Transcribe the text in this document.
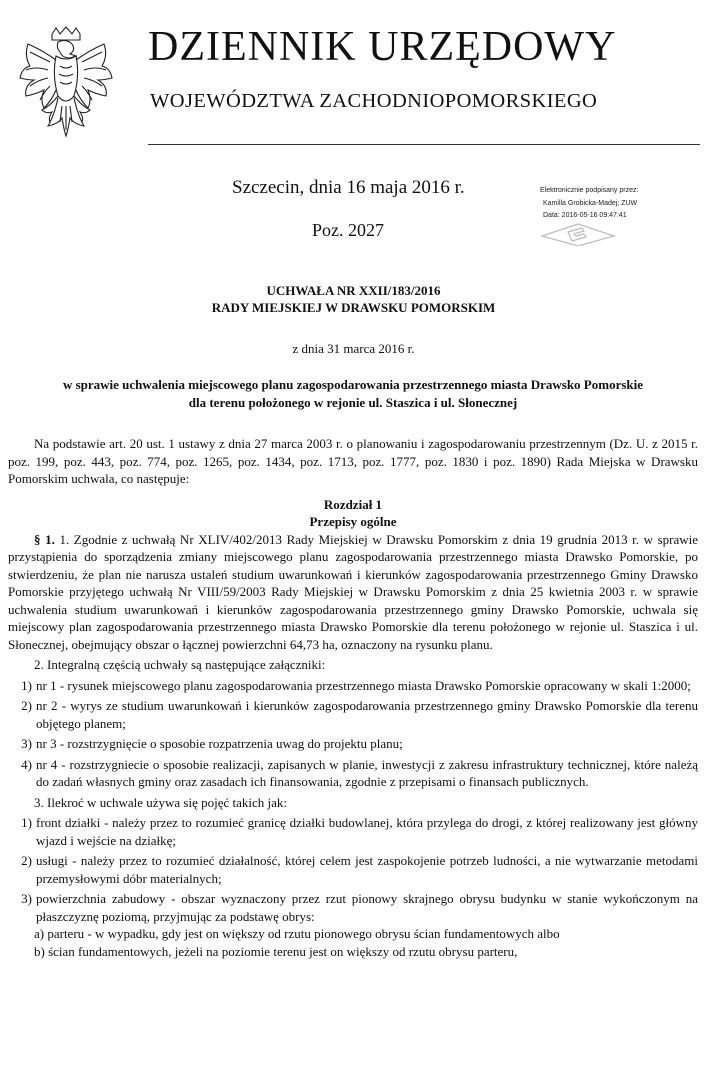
DZIENNIK URZĘDOWY
WOJEWÓDZTWA ZACHODNIOPOMORSKIEGO
Szczecin, dnia 16 maja 2016 r.
Poz. 2027
Elektronicznie podpisany przez:
Kamilla Grobicka-Madej; ZUW
Data: 2016-05-16 09:47:41
UCHWAŁA NR XXII/183/2016
RADY MIEJSKIEJ W DRAWSKU POMORSKIM
z dnia 31 marca 2016 r.
w sprawie uchwalenia miejscowego planu zagospodarowania przestrzennego miasta Drawsko Pomorskie
dla terenu położonego w rejonie ul. Staszica i ul. Słonecznej

Na podstawie art. 20 ust. 1 ustawy z dnia 27 marca 2003 r. o planowaniu i zagospodarowaniu przestrzennym (Dz. U. z 2015 r. poz. 199, poz. 443, poz. 774, poz. 1265, poz. 1434, poz. 1713, poz. 1777, poz. 1830 i poz. 1890) Rada Miejska w Drawsku Pomorskim uchwala, co następuje:

Rozdział 1

Przepisy ogólne

§ 1. 1. Zgodnie z uchwałą Nr XLIV/402/2013 Rady Miejskiej w Drawsku Pomorskim z dnia 19 grudnia 2013 r. w sprawie przystąpienia do sporządzenia zmiany miejscowego planu zagospodarowania przestrzennego miasta Drawsko Pomorskie, po stwierdzeniu, że plan nie narusza ustaleń studium uwarunkowań i kierunków zagospodarowania przestrzennego Gminy Drawsko Pomorskie przyjętego uchwałą Nr VIII/59/2003 Rady Miejskiej w Drawsku Pomorskim z dnia 25 kwietnia 2003 r. w sprawie uchwalenia studium uwarunkowań i kierunków zagospodarowania przestrzennego gminy Drawsko Pomorskie, uchwala się miejscowy plan zagospodarowania przestrzennego miasta Drawsko Pomorskie dla terenu położonego w rejonie ul. Staszica i ul. Słonecznej, obejmujący obszar o łącznej powierzchni 64,73 ha, oznaczony na rysunku planu.

2. Integralną częścią uchwały są następujące załączniki:

1) nr 1 - rysunek miejscowego planu zagospodarowania przestrzennego miasta Drawsko Pomorskie opracowany w skali 1:2000;
2) nr 2 - wyrys ze studium uwarunkowań i kierunków zagospodarowania przestrzennego gminy Drawsko Pomorskie dla terenu objętego planem;
3) nr 3 - rozstrzygnięcie o sposobie rozpatrzenia uwag do projektu planu;
4) nr 4 - rozstrzygniecie o sposobie realizacji, zapisanych w planie, inwestycji z zakresu infrastruktury technicznej, które należą do zadań własnych gminy oraz zasadach ich finansowania, zgodnie z przepisami o finansach publicznych.

3. Ilekroć w uchwale używa się pojęć takich jak:

1) front działki - należy przez to rozumieć granicę działki budowlanej, która przylega do drogi, z której realizowany jest główny wjazd i wejście na działkę;
2) usługi - należy przez to rozumieć działalność, której celem jest zaspokojenie potrzeb ludności, a nie wytwarzanie metodami przemysłowymi dóbr materialnych;
3) powierzchnia zabudowy - obszar wyznaczony przez rzut pionowy skrajnego obrysu budynku w stanie wykończonym na płaszczyznę poziomą, przyjmując za podstawę obrys:

a) parteru - w wypadku, gdy jest on większy od rzutu pionowego obrysu ścian fundamentowych albo

b) ścian fundamentowych, jeżeli na poziomie terenu jest on większy od rzutu obrysu parteru,
